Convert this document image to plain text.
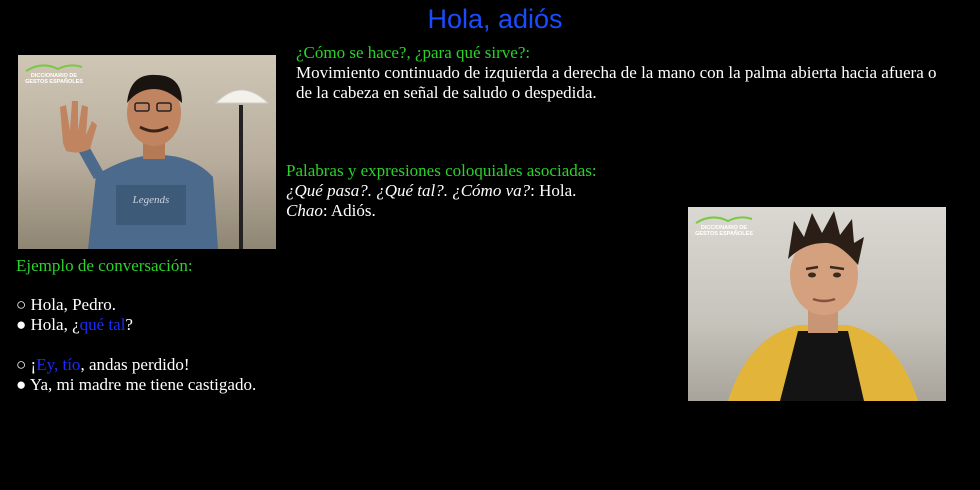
Hola, adiós
Legends
DICCIONARIO DE
GESTOS ESPAÑOLES
DICCIONARIO DE
GESTOS ESPAÑOLES
¿Cómo se hace?, ¿para qué sirve?:
Movimiento continuado de izquierda a derecha de la mano con la palma abierta hacia afuera o de la cabeza en señal de saludo o despedida.
Palabras y expresiones coloquiales asociadas:
¿Qué pasa?. ¿Qué tal?. ¿Cómo va?: Hola.
Chao: Adiós.
Ejemplo de conversación:
○ Hola, Pedro.
● Hola, ¿qué tal?
○ ¡Ey, tío, andas perdido!
● Ya, mi madre me tiene castigado.
